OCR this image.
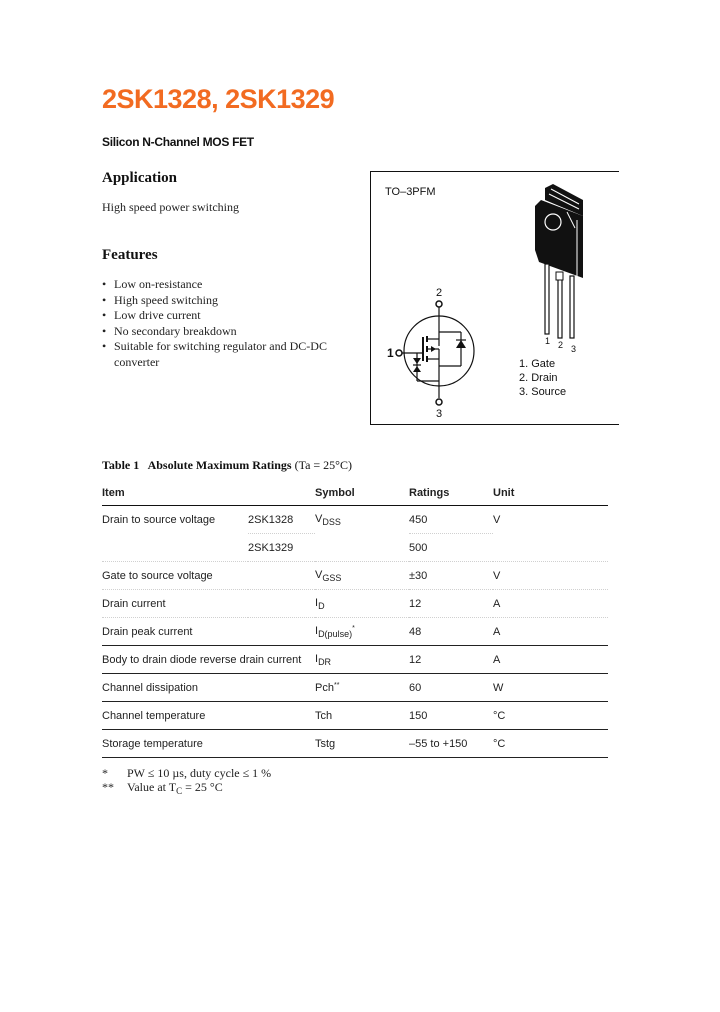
2SK1328, 2SK1329
Silicon N-Channel MOS FET
Application
High speed power switching
Features
• Low on-resistance
• High speed switching
• Low drive current
• No secondary breakdown
• Suitable for switching regulator and DC-DC converter
TO–3PFM
2
1
3
1 2 3
1. Gate
2. Drain
3. Source
Table 1   Absolute Maximum Ratings (Ta = 25°C)
Item		Symbol	Ratings	Unit
Drain to source voltage	2SK1328	$V_{DSS}$	450	V
	2SK1329		500	
Gate to source voltage		$V_{GSS}$	±30	V
Drain current		$I_D$	12	A
Drain peak current		$I_{D(pulse)}^*$	48	A
Body to drain diode reverse drain current		$I_{DR}$	12	A
Channel dissipation		Pch**	60	W
Channel temperature		Tch	150	°C
Storage temperature		Tstg	–55 to +150	°C
* PW ≤ 10 µs, duty cycle ≤ 1 %
** Value at $T_C = 25$ °C
